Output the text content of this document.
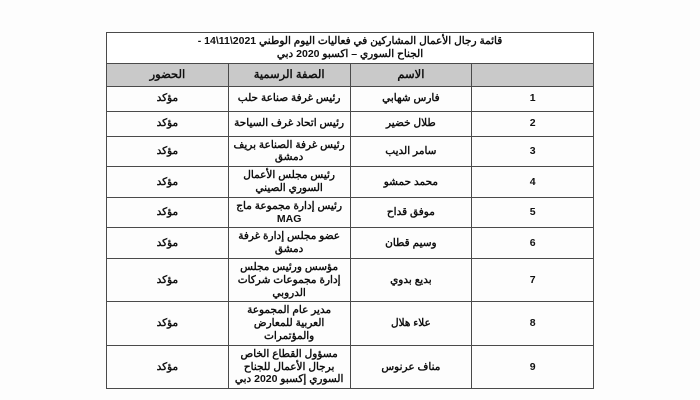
قائمة رجال الأعمال المشاركين في فعاليات اليوم الوطني 2021\11\14 -
الجناح السوري – اكسبو 2020 دبي			

	الاسم	الصفة الرسمية	الحضور
1	فارس شهابي	رئيس غرفة صناعة حلب	مؤكد
2	طلال خضير	رئيس اتحاد غرف السياحة	مؤكد
3	سامر الديب	رئيس غرفة الصناعة بريف دمشق	مؤكد
4	محمد حمشو	رئيس مجلس الأعمال السوري الصيني	مؤكد
5	موفق قداح	رئيس إدارة مجموعة ماج MAG	مؤكد
6	وسيم قطان	عضو مجلس إدارة غرفة دمشق	مؤكد
7	بديع بدوي	مؤسس ورئيس مجلس إدارة مجموعات شركات الدروبي	مؤكد
8	علاء هلال	مدير عام المجموعة العربية للمعارض والمؤتمرات	مؤكد
9	مناف عرنوس	مسؤول القطاع الخاص برجال الأعمال للجناح السوري إكسبو 2020 دبي	مؤكد
